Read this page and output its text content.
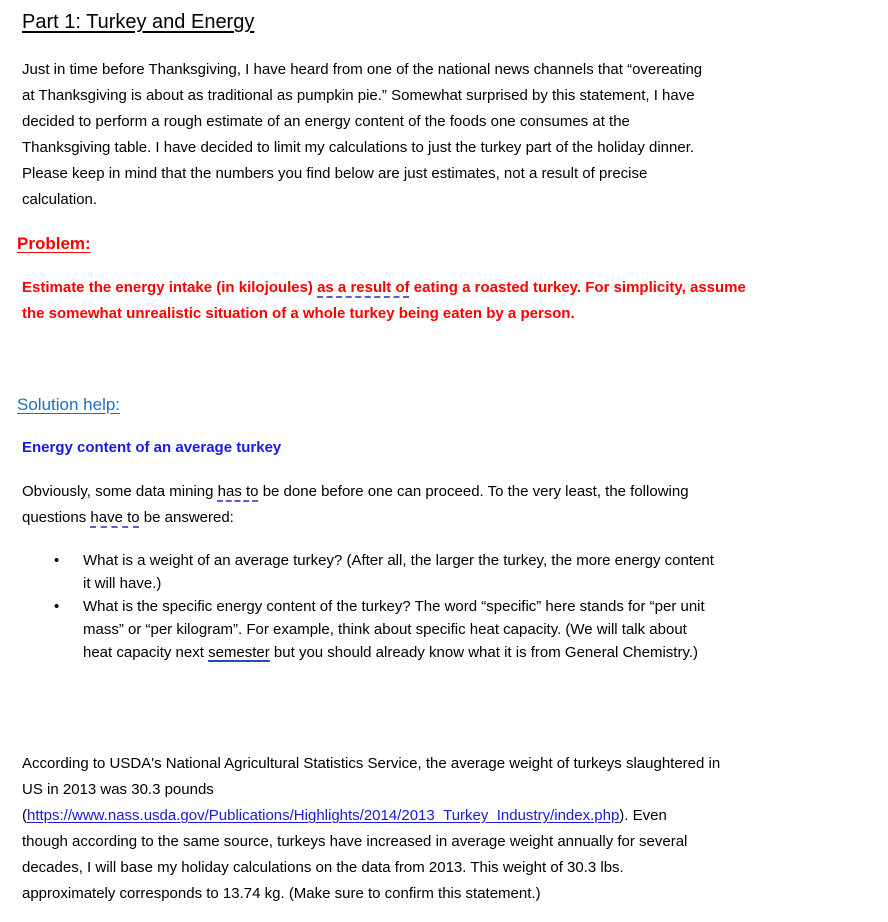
Part 1: Turkey and Energy
Just in time before Thanksgiving, I have heard from one of the national news channels that “overeating
at Thanksgiving is about as traditional as pumpkin pie.” Somewhat surprised by this statement, I have
decided to perform a rough estimate of an energy content of the foods one consumes at the
Thanksgiving table. I have decided to limit my calculations to just the turkey part of the holiday dinner.
Please keep in mind that the numbers you find below are just estimates, not a result of precise
calculation.
Problem:
Estimate the energy intake (in kilojoules) as a result of eating a roasted turkey. For simplicity, assume
the somewhat unrealistic situation of a whole turkey being eaten by a person.
Solution help:
Energy content of an average turkey
Obviously, some data mining has to be done before one can proceed. To the very least, the following
questions have to be answered:
• What is a weight of an average turkey? (After all, the larger the turkey, the more energy content
it will have.)
• What is the specific energy content of the turkey? The word “specific” here stands for “per unit
mass” or “per kilogram”. For example, think about specific heat capacity. (We will talk about
heat capacity next semester but you should already know what it is from General Chemistry.)
According to USDA's National Agricultural Statistics Service, the average weight of turkeys slaughtered in
US in 2013 was 30.3 pounds
(https://www.nass.usda.gov/Publications/Highlights/2014/2013_Turkey_Industry/index.php). Even
though according to the same source, turkeys have increased in average weight annually for several
decades, I will base my holiday calculations on the data from 2013. This weight of 30.3 lbs.
approximately corresponds to 13.74 kg. (Make sure to confirm this statement.)
